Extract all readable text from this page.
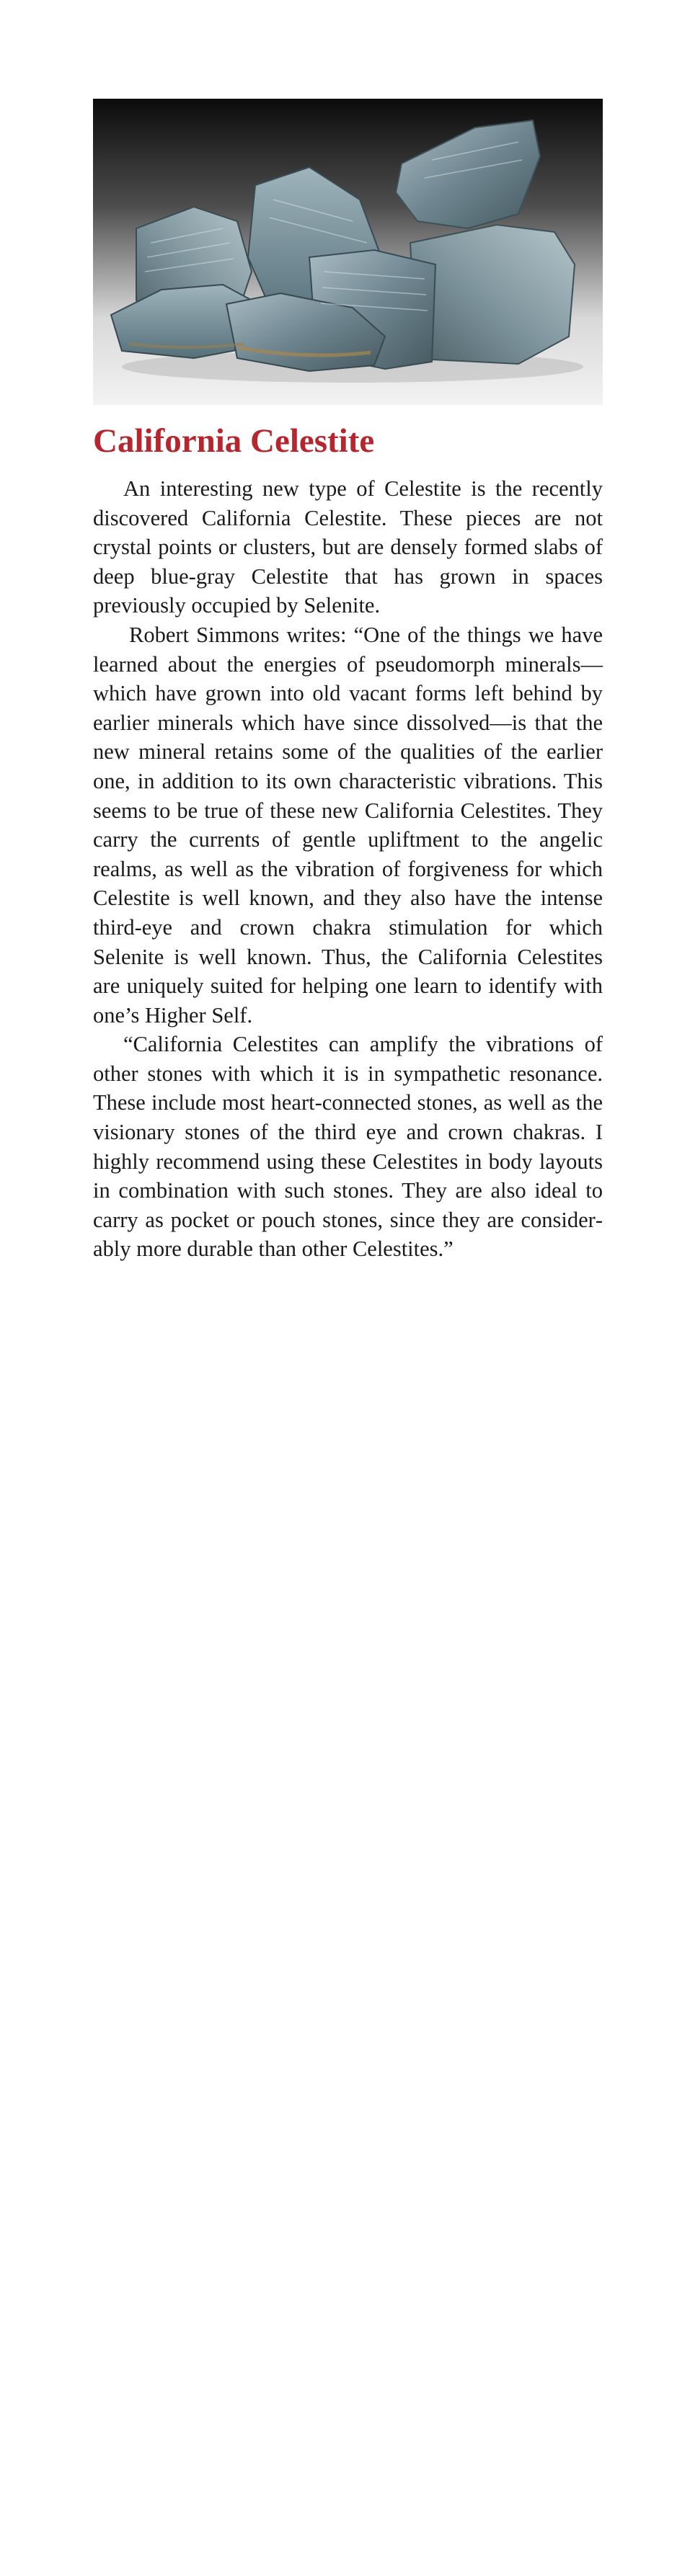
California Celestite

An interesting new type of Celestite is the recently discovered California Celestite. These pieces are not crystal points or clusters, but are densely formed slabs of deep blue-gray Celestite that has grown in spaces previously occupied by Selenite.

Robert Simmons writes: “One of the things we have learned about the energies of pseudomorph minerals—which have grown into old vacant forms left behind by earlier minerals which have since dissolved—is that the new mineral retains some of the qualities of the earlier one, in addition to its own characteristic vibrations. This seems to be true of these new California Celestites. They carry the currents of gentle upliftment to the angelic realms, as well as the vibration of forgiveness for which Celestite is well known, and they also have the intense third-eye and crown chakra stimulation for which Selenite is well known. Thus, the California Celestites are uniquely suited for helping one learn to identify with one’s Higher Self.

“California Celestites can amplify the vibrations of other stones with which it is in sympathetic resonance. These include most heart-connected stones, as well as the visionary stones of the third eye and crown chakras. I highly recommend using these Celestites in body layouts in combination with such stones. They are also ideal to carry as pocket or pouch stones, since they are considerably more durable than other Celestites.”
